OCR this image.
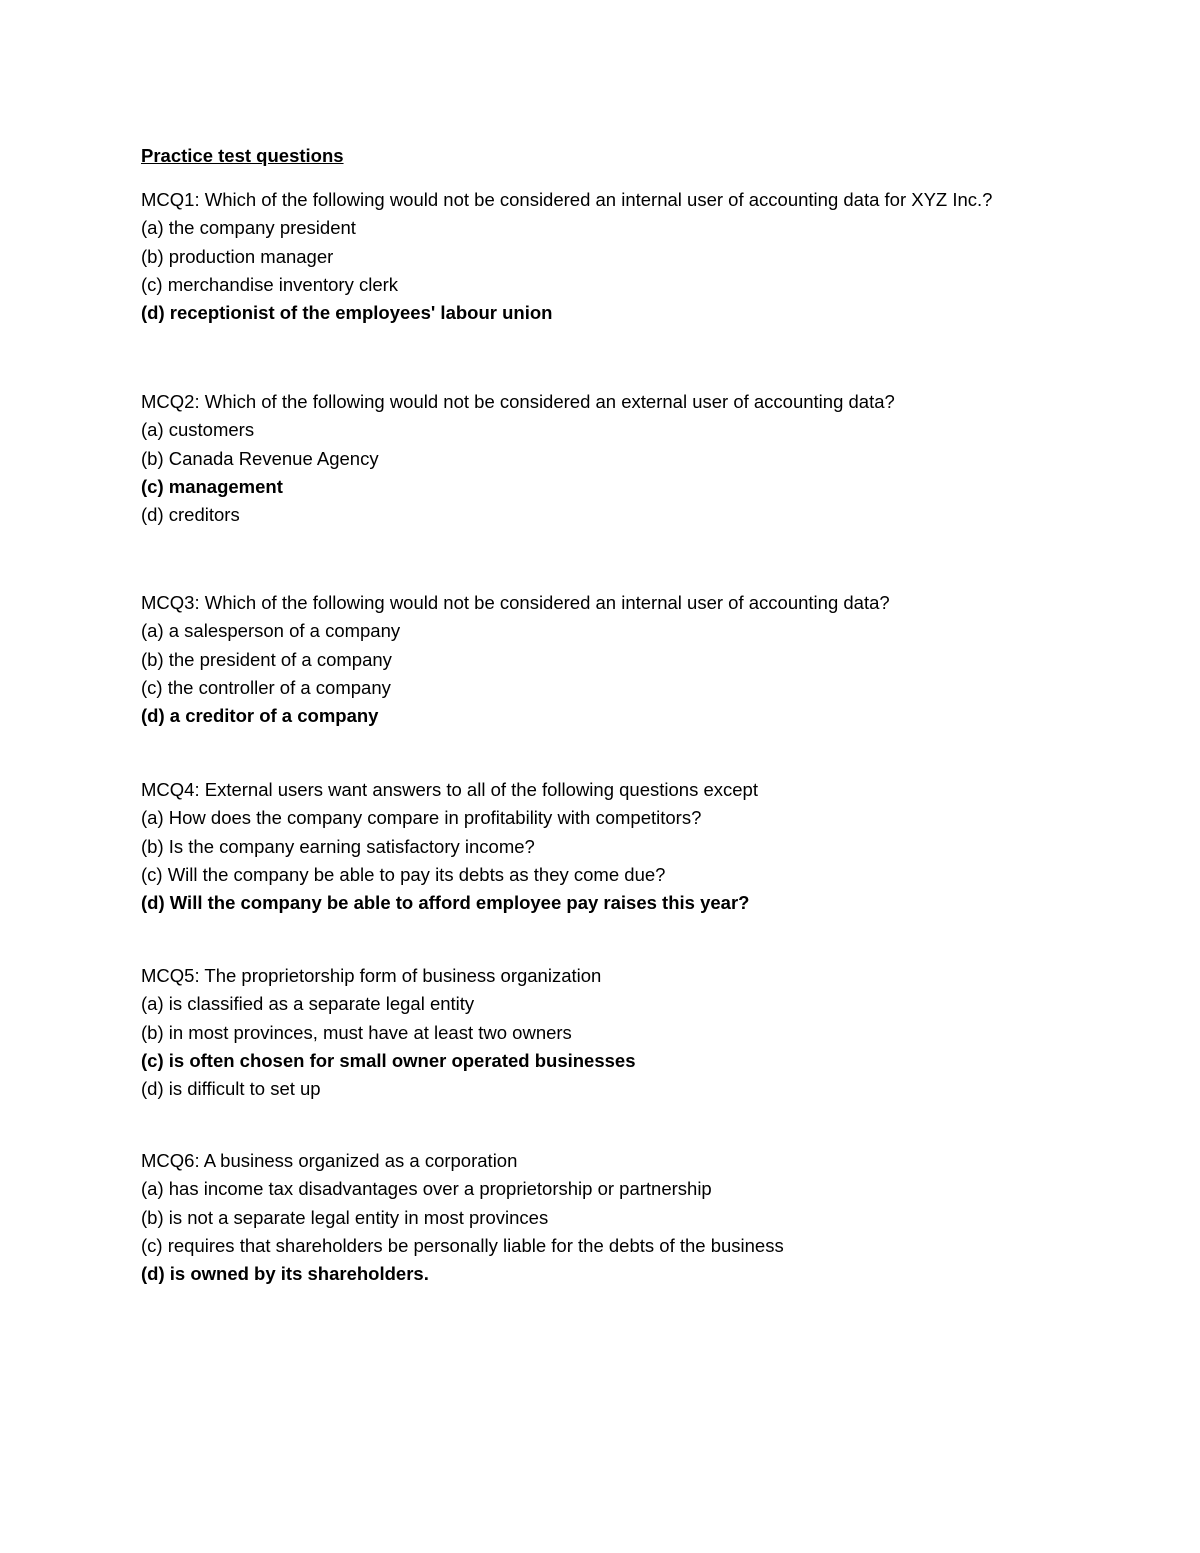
Practice test questions
MCQ1: Which of the following would not be considered an internal user of accounting data for XYZ Inc.?
(a) the company president
(b) production manager
(c) merchandise inventory clerk
(d) receptionist of the employees' labour union
MCQ2: Which of the following would not be considered an external user of accounting data?
(a) customers
(b) Canada Revenue Agency
(c) management
(d) creditors
MCQ3: Which of the following would not be considered an internal user of accounting data?
(a) a salesperson of a company
(b) the president of a company
(c) the controller of a company
(d) a creditor of a company
MCQ4: External users want answers to all of the following questions except
(a) How does the company compare in profitability with competitors?
(b) Is the company earning satisfactory income?
(c) Will the company be able to pay its debts as they come due?
(d) Will the company be able to afford employee pay raises this year?
MCQ5: The proprietorship form of business organization
(a) is classified as a separate legal entity
(b) in most provinces, must have at least two owners
(c) is often chosen for small owner operated businesses
(d) is difficult to set up
MCQ6: A business organized as a corporation
(a) has income tax disadvantages over a proprietorship or partnership
(b) is not a separate legal entity in most provinces
(c) requires that shareholders be personally liable for the debts of the business
(d) is owned by its shareholders.
